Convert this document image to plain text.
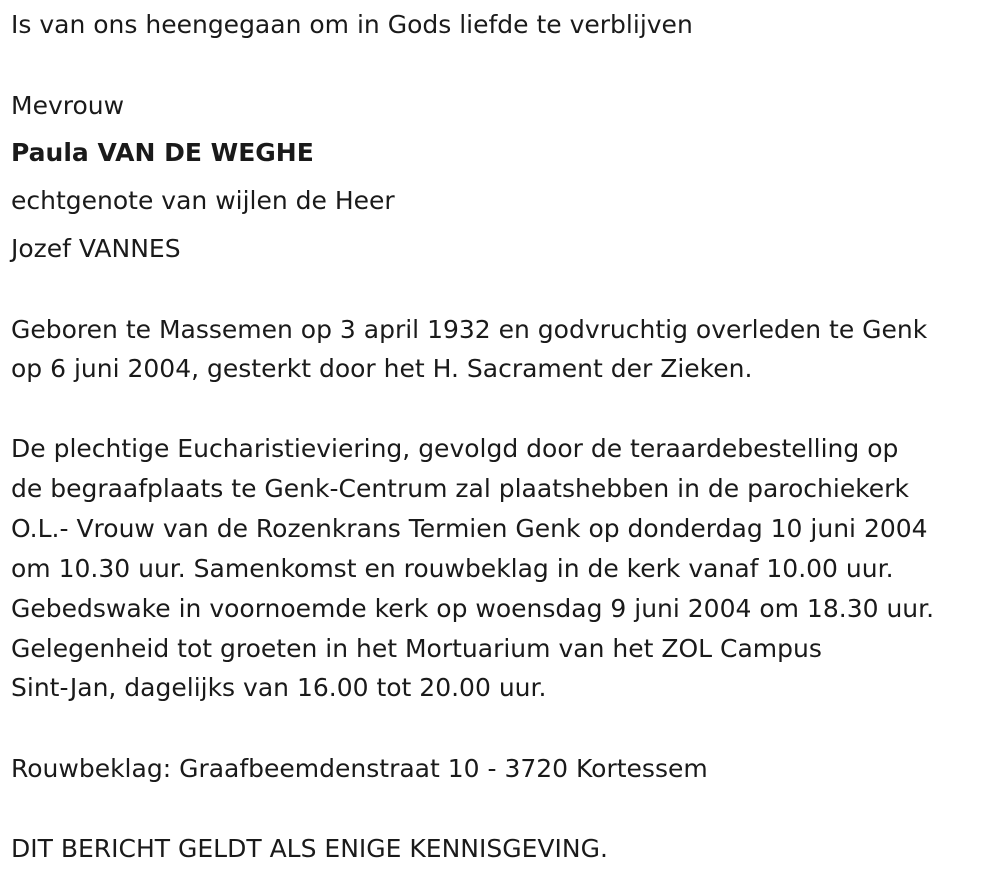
Is van ons heengegaan om in Gods liefde te verblijven
Mevrouw
Paula VAN DE WEGHE
echtgenote van wijlen de Heer
Jozef VANNES
Geboren te Massemen op 3 april 1932 en godvruchtig overleden te Genk
op 6 juni 2004, gesterkt door het H. Sacrament der Zieken.
De plechtige Eucharistieviering, gevolgd door de teraardebestelling op
de begraafplaats te Genk-Centrum zal plaatshebben in de parochiekerk
O.L.- Vrouw van de Rozenkrans Termien Genk op donderdag 10 juni 2004
om 10.30 uur. Samenkomst en rouwbeklag in de kerk vanaf 10.00 uur.
Gebedswake in voornoemde kerk op woensdag 9 juni 2004 om 18.30 uur.
Gelegenheid tot groeten in het Mortuarium van het ZOL Campus
Sint-Jan, dagelijks van 16.00 tot 20.00 uur.
Rouwbeklag: Graafbeemdenstraat 10 - 3720 Kortessem
DIT BERICHT GELDT ALS ENIGE KENNISGEVING.
